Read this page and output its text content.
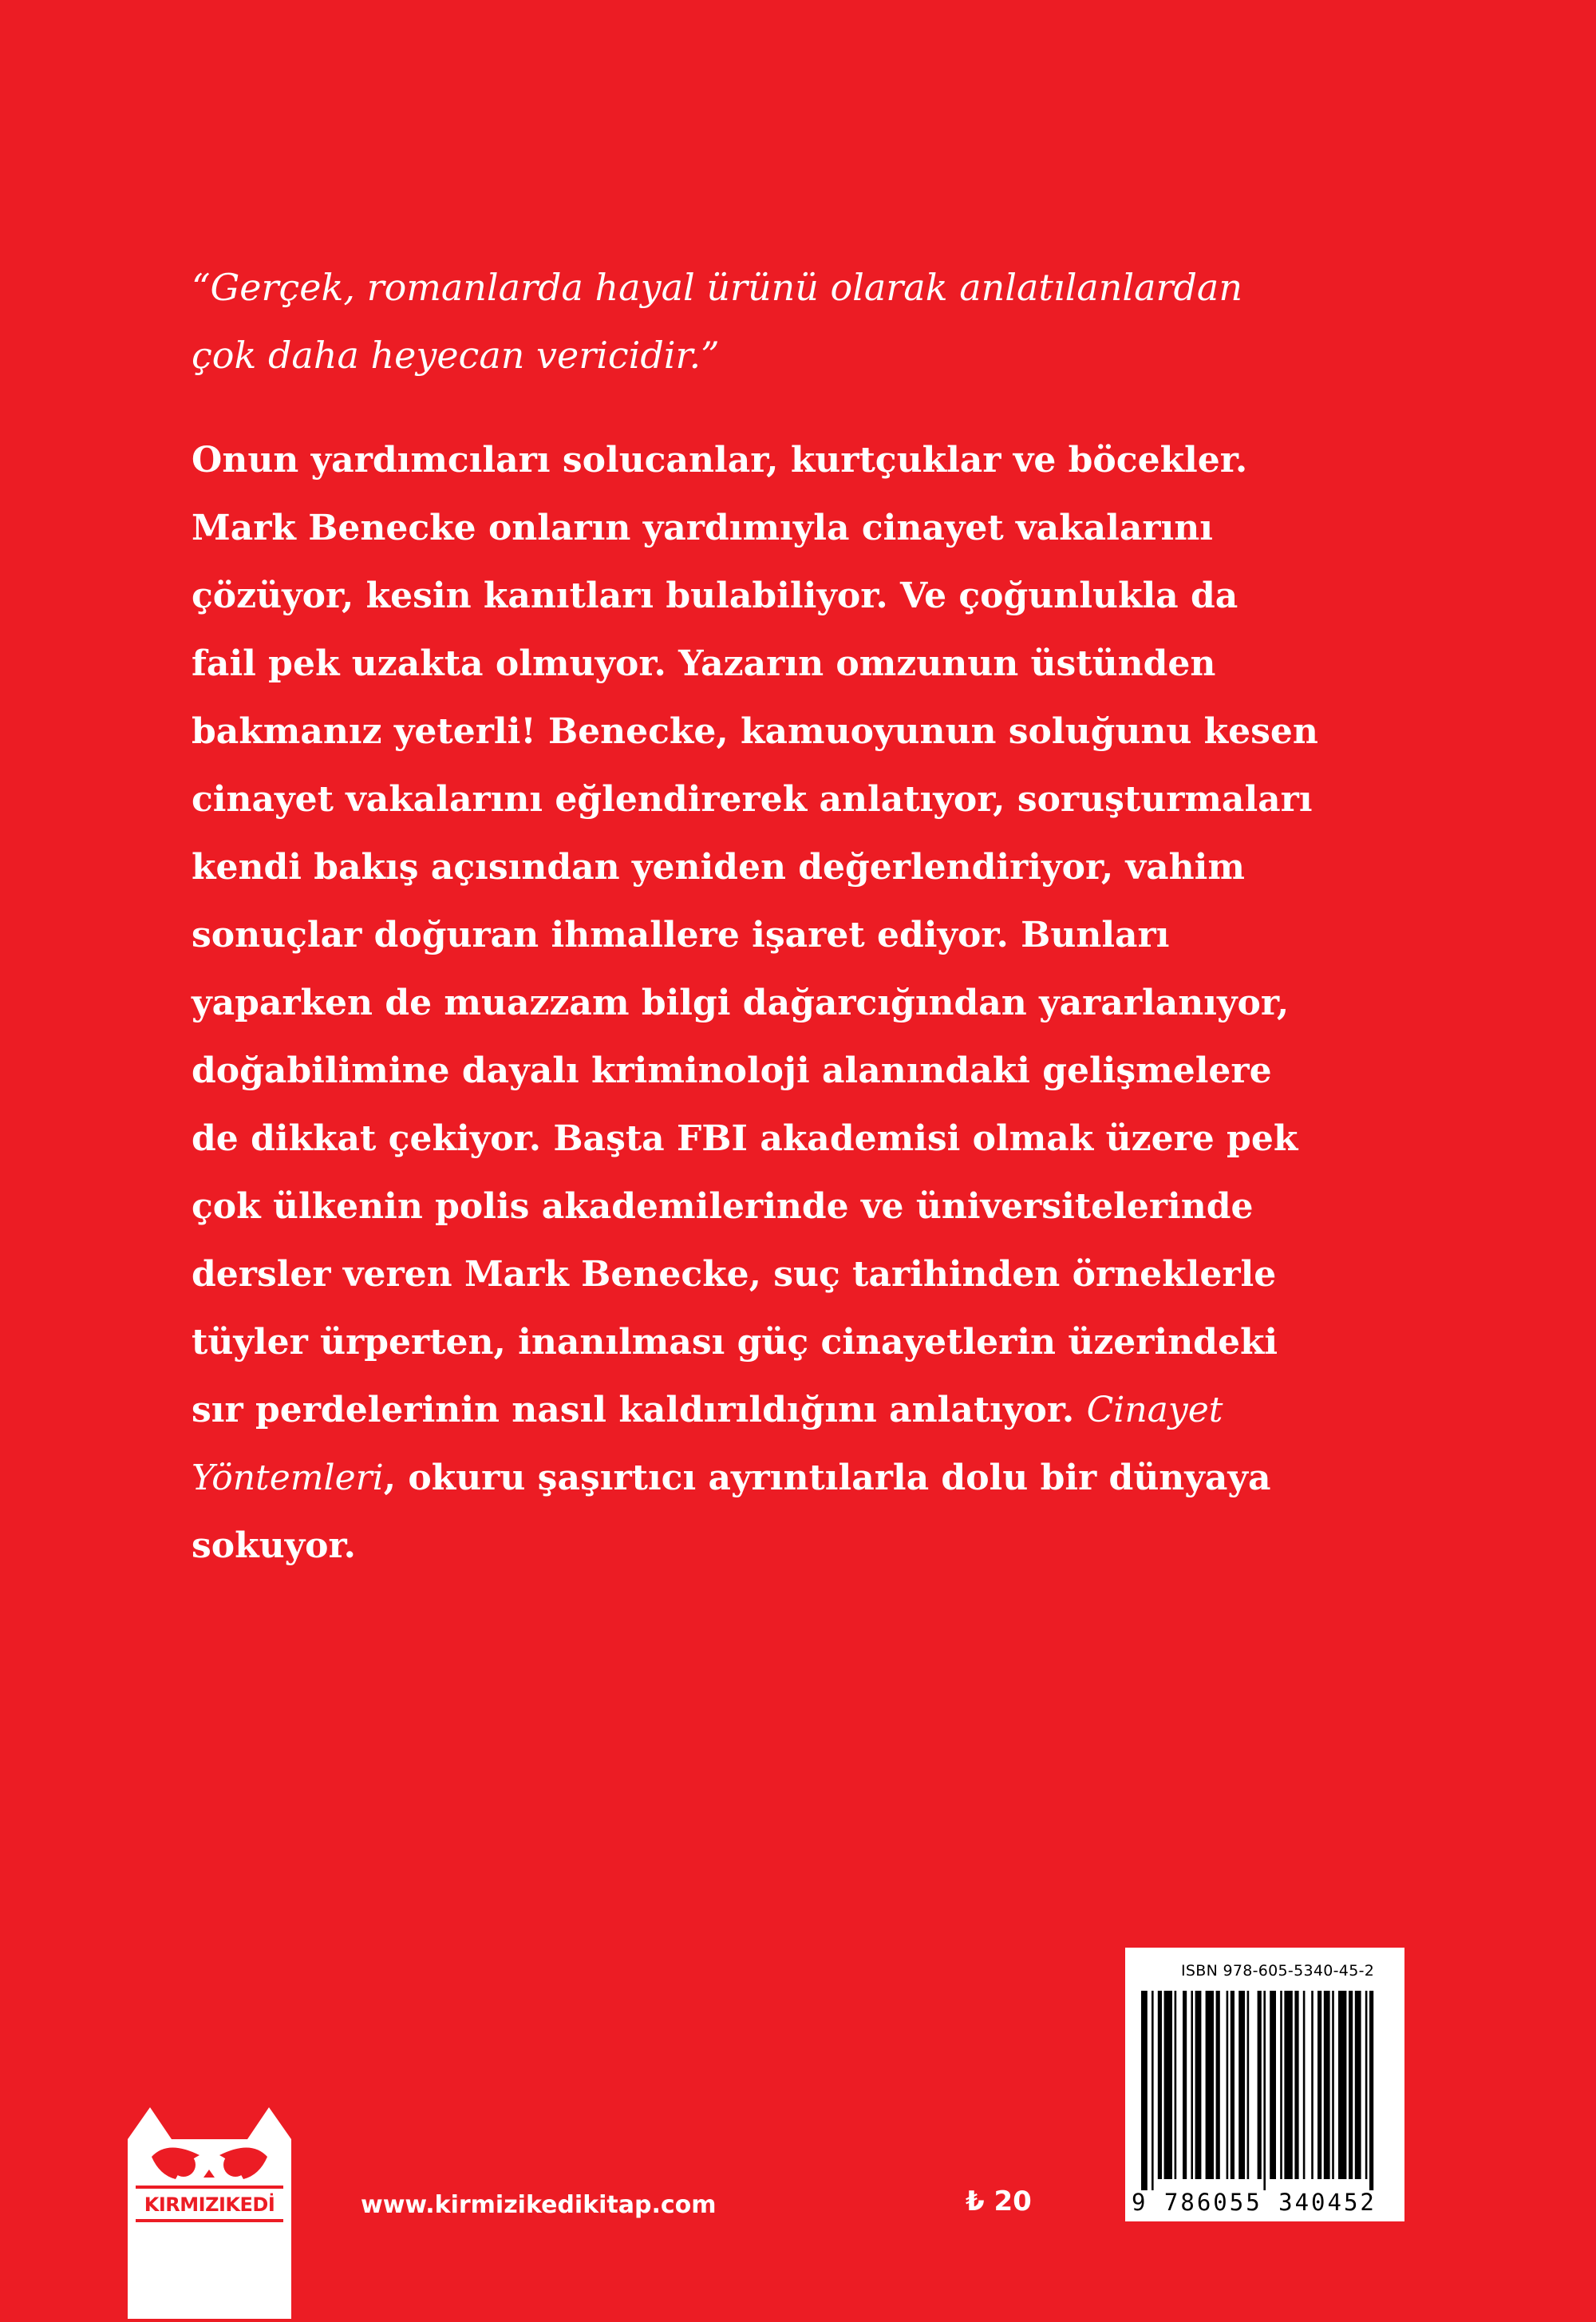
“Gerçek, romanlarda hayal ürünü olarak anlatılanlardan
çok daha heyecan vericidir.”

Onun yardımcıları solucanlar, kurtçuklar ve böcekler.
Mark Benecke onların yardımıyla cinayet vakalarını
çözüyor, kesin kanıtları bulabiliyor. Ve çoğunlukla da
fail pek uzakta olmuyor. Yazarın omzunun üstünden
bakmanız yeterli! Benecke, kamuoyunun soluğunu kesen
cinayet vakalarını eğlendirerek anlatıyor, soruşturmaları
kendi bakış açısından yeniden değerlendiriyor, vahim
sonuçlar doğuran ihmallere işaret ediyor. Bunları
yaparken de muazzam bilgi dağarcığından yararlanıyor,
doğabilimine dayalı kriminoloji alanındaki gelişmelere
de dikkat çekiyor. Başta FBI akademisi olmak üzere pek
çok ülkenin polis akademilerinde ve üniversitelerinde
dersler veren Mark Benecke, suç tarihinden örneklerle
tüyler ürperten, inanılması güç cinayetlerin üzerindeki
sır perdelerinin nasıl kaldırıldığını anlatıyor. Cinayet
Yöntemleri, okuru şaşırtıcı ayrıntılarla dolu bir dünyaya
sokuyor.

KIRMIZIKEDİ	www.kirmizikedikitap.com	₺ 20
ISBN 978-605-5340-45-2
9 786055 340452
